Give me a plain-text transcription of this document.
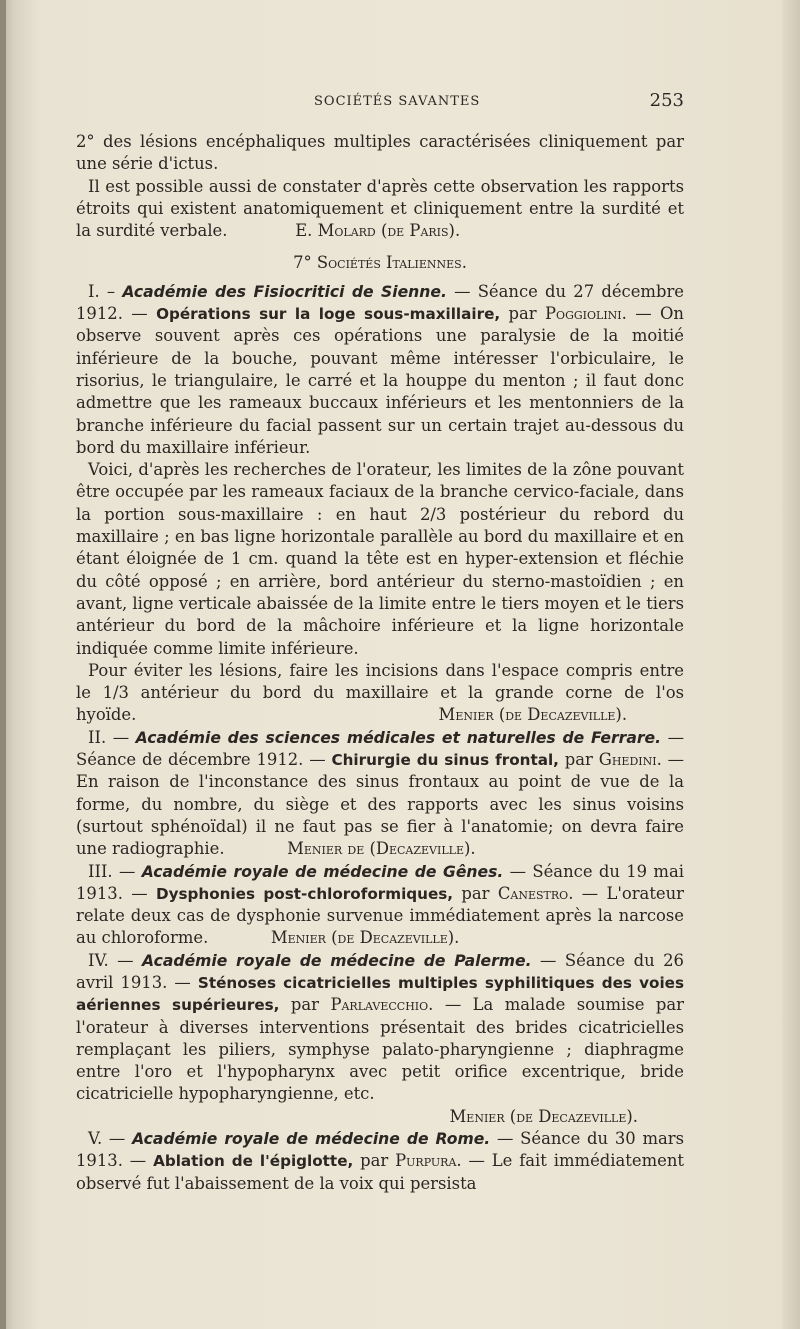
SOCIÉTÉS SAVANTES	253

2° des lésions encéphaliques multiples caractérisées cliniquement par une série d'ictus.

Il est possible aussi de constater d'après cette observation les rapports étroits qui existent anatomiquement et cliniquement entre la surdité et la surdité verbale.	E. Molard (de Paris).

7° Sociétés Italiennes.

I. – Académie des Fisiocritici de Sienne. — Séance du 27 décembre 1912. — Opérations sur la loge sous-maxillaire, par Poggiolini. — On observe souvent après ces opérations une paralysie de la moitié inférieure de la bouche, pouvant même intéresser l'orbiculaire, le risorius, le triangulaire, le carré et la houppe du menton ; il faut donc admettre que les rameaux buccaux inférieurs et les mentonniers de la branche inférieure du facial passent sur un certain trajet au-dessous du bord du maxillaire inférieur.

Voici, d'après les recherches de l'orateur, les limites de la zône pouvant être occupée par les rameaux faciaux de la branche cervico-faciale, dans la portion sous-maxillaire : en haut 2/3 postérieur du rebord du maxillaire ; en bas ligne horizontale parallèle au bord du maxillaire et en étant éloignée de 1 cm. quand la tête est en hyper-extension et fléchie du côté opposé ; en arrière, bord antérieur du sterno-mastoïdien ; en avant, ligne verticale abaissée de la limite entre le tiers moyen et le tiers antérieur du bord de la mâchoire inférieure et la ligne horizontale indiquée comme limite inférieure.

Pour éviter les lésions, faire les incisions dans l'espace compris entre le 1/3 antérieur du bord du maxillaire et la grande corne de l'os hyoïde.	Menier (de Decazeville).

II. — Académie des sciences médicales et naturelles de Ferrare. — Séance de décembre 1912. — Chirurgie du sinus frontal, par Ghedini. — En raison de l'inconstance des sinus frontaux au point de vue de la forme, du nombre, du siège et des rapports avec les sinus voisins (surtout sphénoïdal) il ne faut pas se fier à l'anatomie; on devra faire une radiographie.	Menier de (Decazeville).

III. — Académie royale de médecine de Gênes. — Séance du 19 mai 1913. — Dysphonies post-chloroformiques, par Canestro. — L'orateur relate deux cas de dysphonie survenue immédiatement après la narcose au chloroforme.	Menier (de Decazeville).

IV. — Académie royale de médecine de Palerme. — Séance du 26 avril 1913. — Sténoses cicatricielles multiples syphilitiques des voies aériennes supérieures, par Parlavecchio. — La malade soumise par l'orateur à diverses interventions présentait des brides cicatricielles remplaçant les piliers, symphyse palato-pharyngienne ; diaphragme entre l'oro et l'hypopharynx avec petit orifice excentrique, bride cicatricielle hypopharyngienne, etc.

Menier (de Decazeville).

V. — Académie royale de médecine de Rome. — Séance du 30 mars 1913. — Ablation de l'épiglotte, par Purpura. — Le fait immédiatement observé fut l'abaissement de la voix qui persista
